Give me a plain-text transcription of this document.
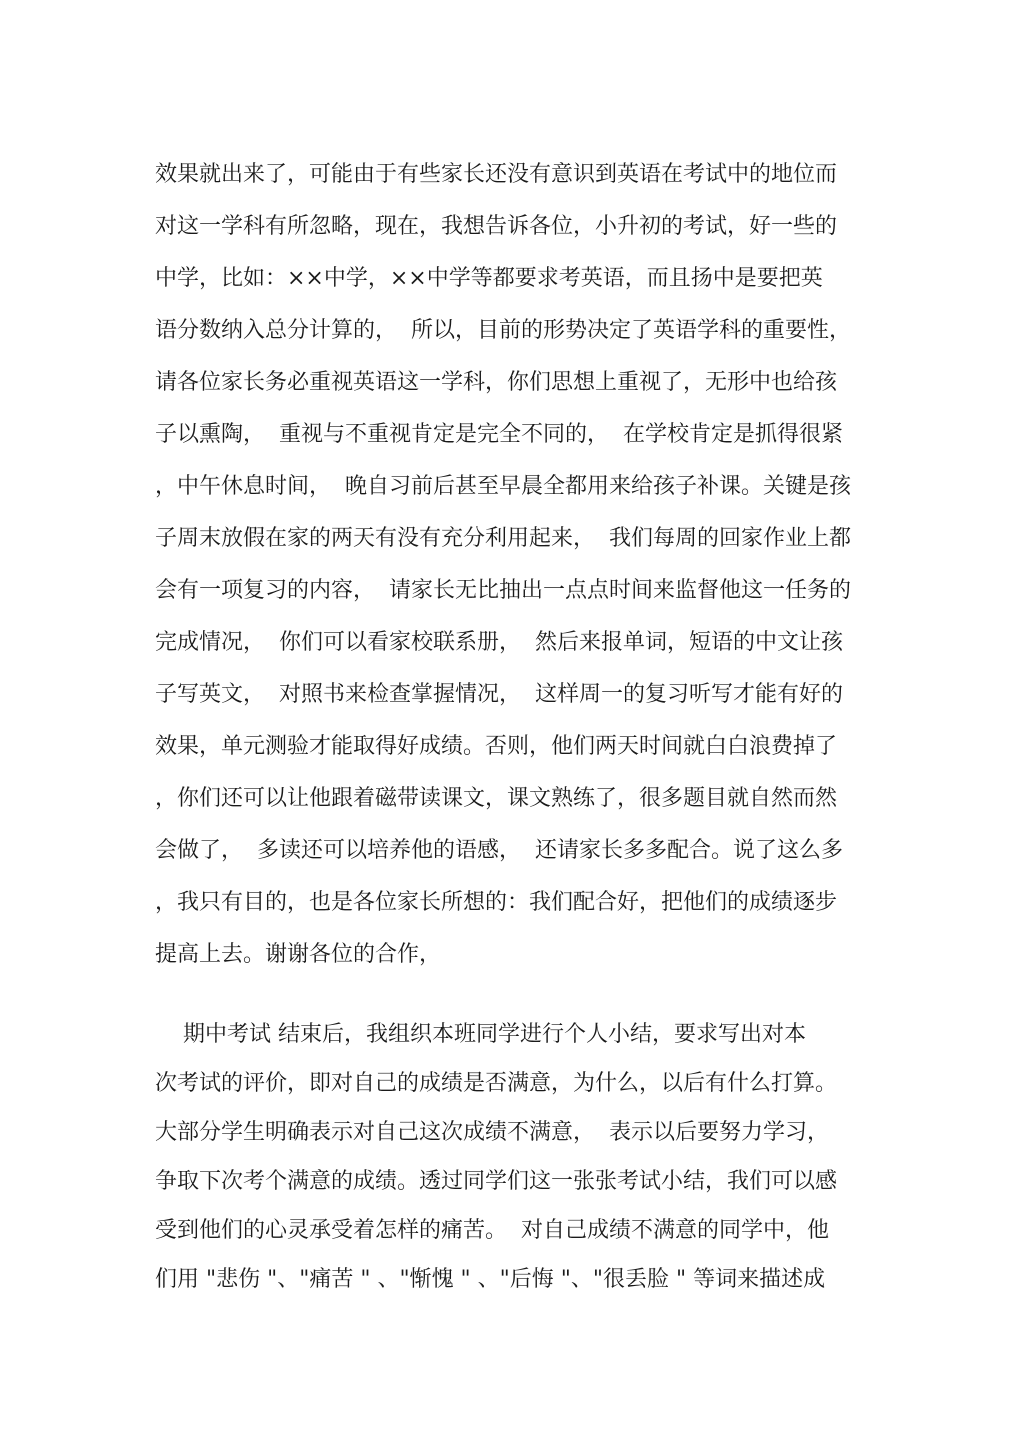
效果就出来了，可能由于有些家长还没有意识到英语在考试中的地位而
对这一学科有所忽略，现在，我想告诉各位，小升初的考试，好一些的
中学，比如：××中学，××中学等都要求考英语，而且扬中是要把英
语分数纳入总分计算的，  所以，目前的形势决定了英语学科的重要性，
请各位家长务必重视英语这一学科，你们思想上重视了，无形中也给孩
子以熏陶，  重视与不重视肯定是完全不同的，  在学校肯定是抓得很紧
，中午休息时间，  晚自习前后甚至早晨全都用来给孩子补课。关键是孩
子周末放假在家的两天有没有充分利用起来，  我们每周的回家作业上都
会有一项复习的内容，  请家长无比抽出一点点时间来监督他这一任务的
完成情况，  你们可以看家校联系册，  然后来报单词，短语的中文让孩
子写英文，  对照书来检查掌握情况，  这样周一的复习听写才能有好的
效果，单元测验才能取得好成绩。否则，他们两天时间就白白浪费掉了
，你们还可以让他跟着磁带读课文，课文熟练了，很多题目就自然而然
会做了，  多读还可以培养他的语感，  还请家长多多配合。说了这么多
，我只有目的，也是各位家长所想的：我们配合好，把他们的成绩逐步
提高上去。谢谢各位的合作，
期中考试 结束后，我组织本班同学进行个人小结，要求写出对本
次考试的评价，即对自己的成绩是否满意，为什么，以后有什么打算。
大部分学生明确表示对自己这次成绩不满意，  表示以后要努力学习，
争取下次考个满意的成绩。透过同学们这一张张考试小结，我们可以感
受到他们的心灵承受着怎样的痛苦。  对自己成绩不满意的同学中，他
们用 "悲伤 "、"痛苦 " 、"惭愧 " 、"后悔 "、"很丢脸 " 等词来描述成
